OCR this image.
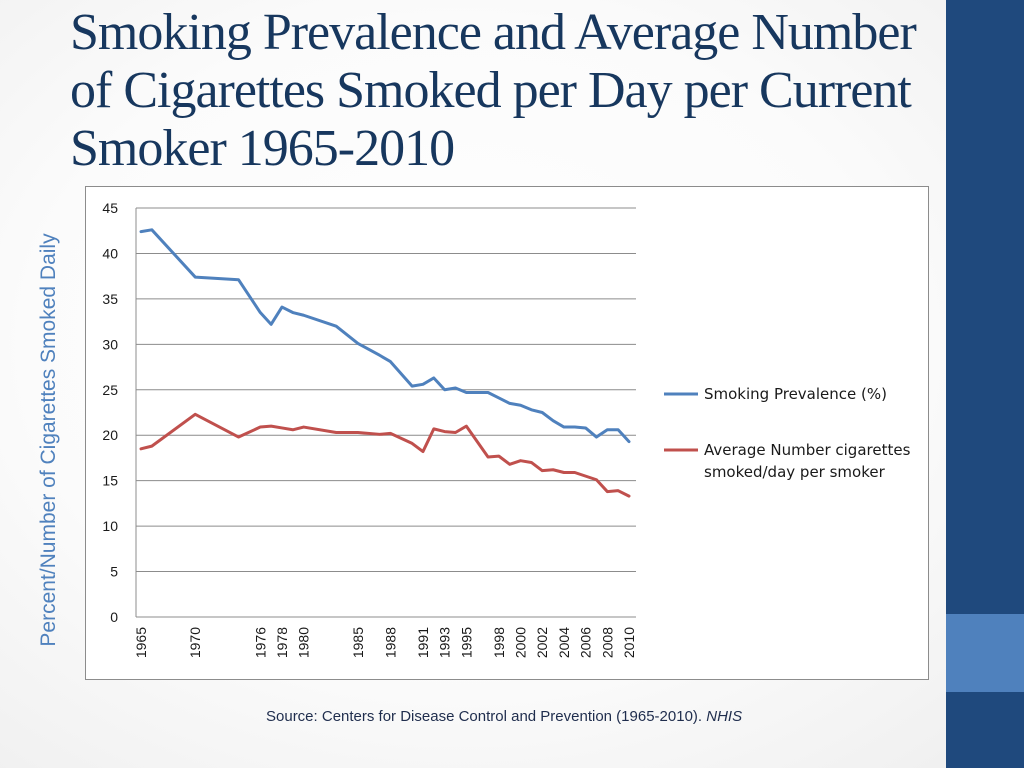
Smoking Prevalence and Average Number of Cigarettes Smoked per Day per Current Smoker 1965-2010
Percent/Number of Cigarettes Smoked Daily	0
5
10
15
20
25
30
35
40
45
1965	1970	1976 1978 1980	1985 1988 1991 1993 1995 1998 2000 2002 2004 2006 2008 2010
Smoking Prevalence (%)
Average Number cigarettes
smoked/day per smoker
Source: Centers for Disease Control and Prevention (1965-2010). NHIS
